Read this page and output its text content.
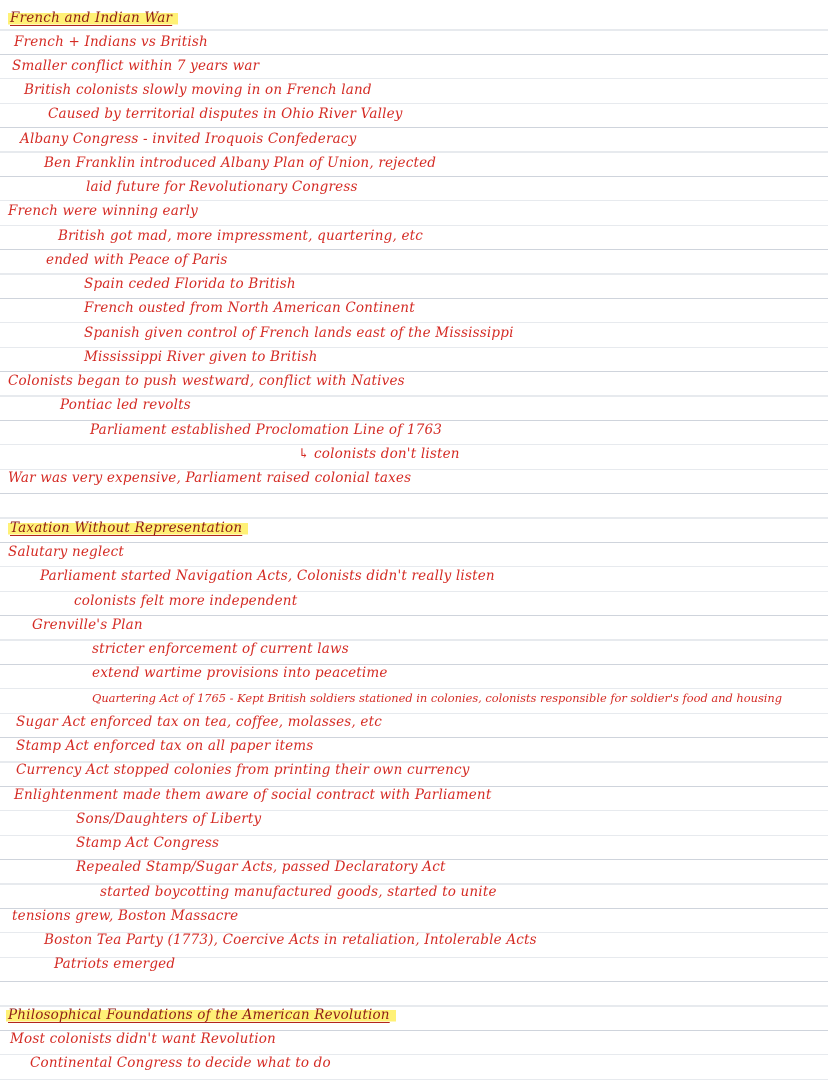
French and Indian War
French + Indians vs British
Smaller conflict within 7 years war
British colonists slowly moving in on French land
Caused by territorial disputes in Ohio River Valley
Albany Congress - invited Iroquois Confederacy
Ben Franklin introduced Albany Plan of Union, rejected
laid future for Revolutionary Congress
French were winning early
British got mad, more impressment, quartering, etc
ended with Peace of Paris
Spain ceded Florida to British
French ousted from North American Continent
Spanish given control of French lands east of the Mississippi
Mississippi River given to British
Colonists began to push westward, conflict with Natives
Pontiac led revolts
Parliament established Proclomation Line of 1763
↳ colonists don't listen
War was very expensive, Parliament raised colonial taxes
Taxation Without Representation
Salutary neglect
Parliament started Navigation Acts, Colonists didn't really listen
colonists felt more independent
Grenville's Plan
stricter enforcement of current laws
extend wartime provisions into peacetime
Quartering Act of 1765 - Kept British soldiers stationed in colonies, colonists responsible for soldier's food and housing
Sugar Act enforced tax on tea, coffee, molasses, etc
Stamp Act enforced tax on all paper items
Currency Act stopped colonies from printing their own currency
Enlightenment made them aware of social contract with Parliament
Sons/Daughters of Liberty
Stamp Act Congress
Repealed Stamp/Sugar Acts, passed Declaratory Act
started boycotting manufactured goods, started to unite
tensions grew, Boston Massacre
Boston Tea Party (1773), Coercive Acts in retaliation, Intolerable Acts
Patriots emerged
Philosophical Foundations of the American Revolution
Most colonists didn't want Revolution
Continental Congress to decide what to do
